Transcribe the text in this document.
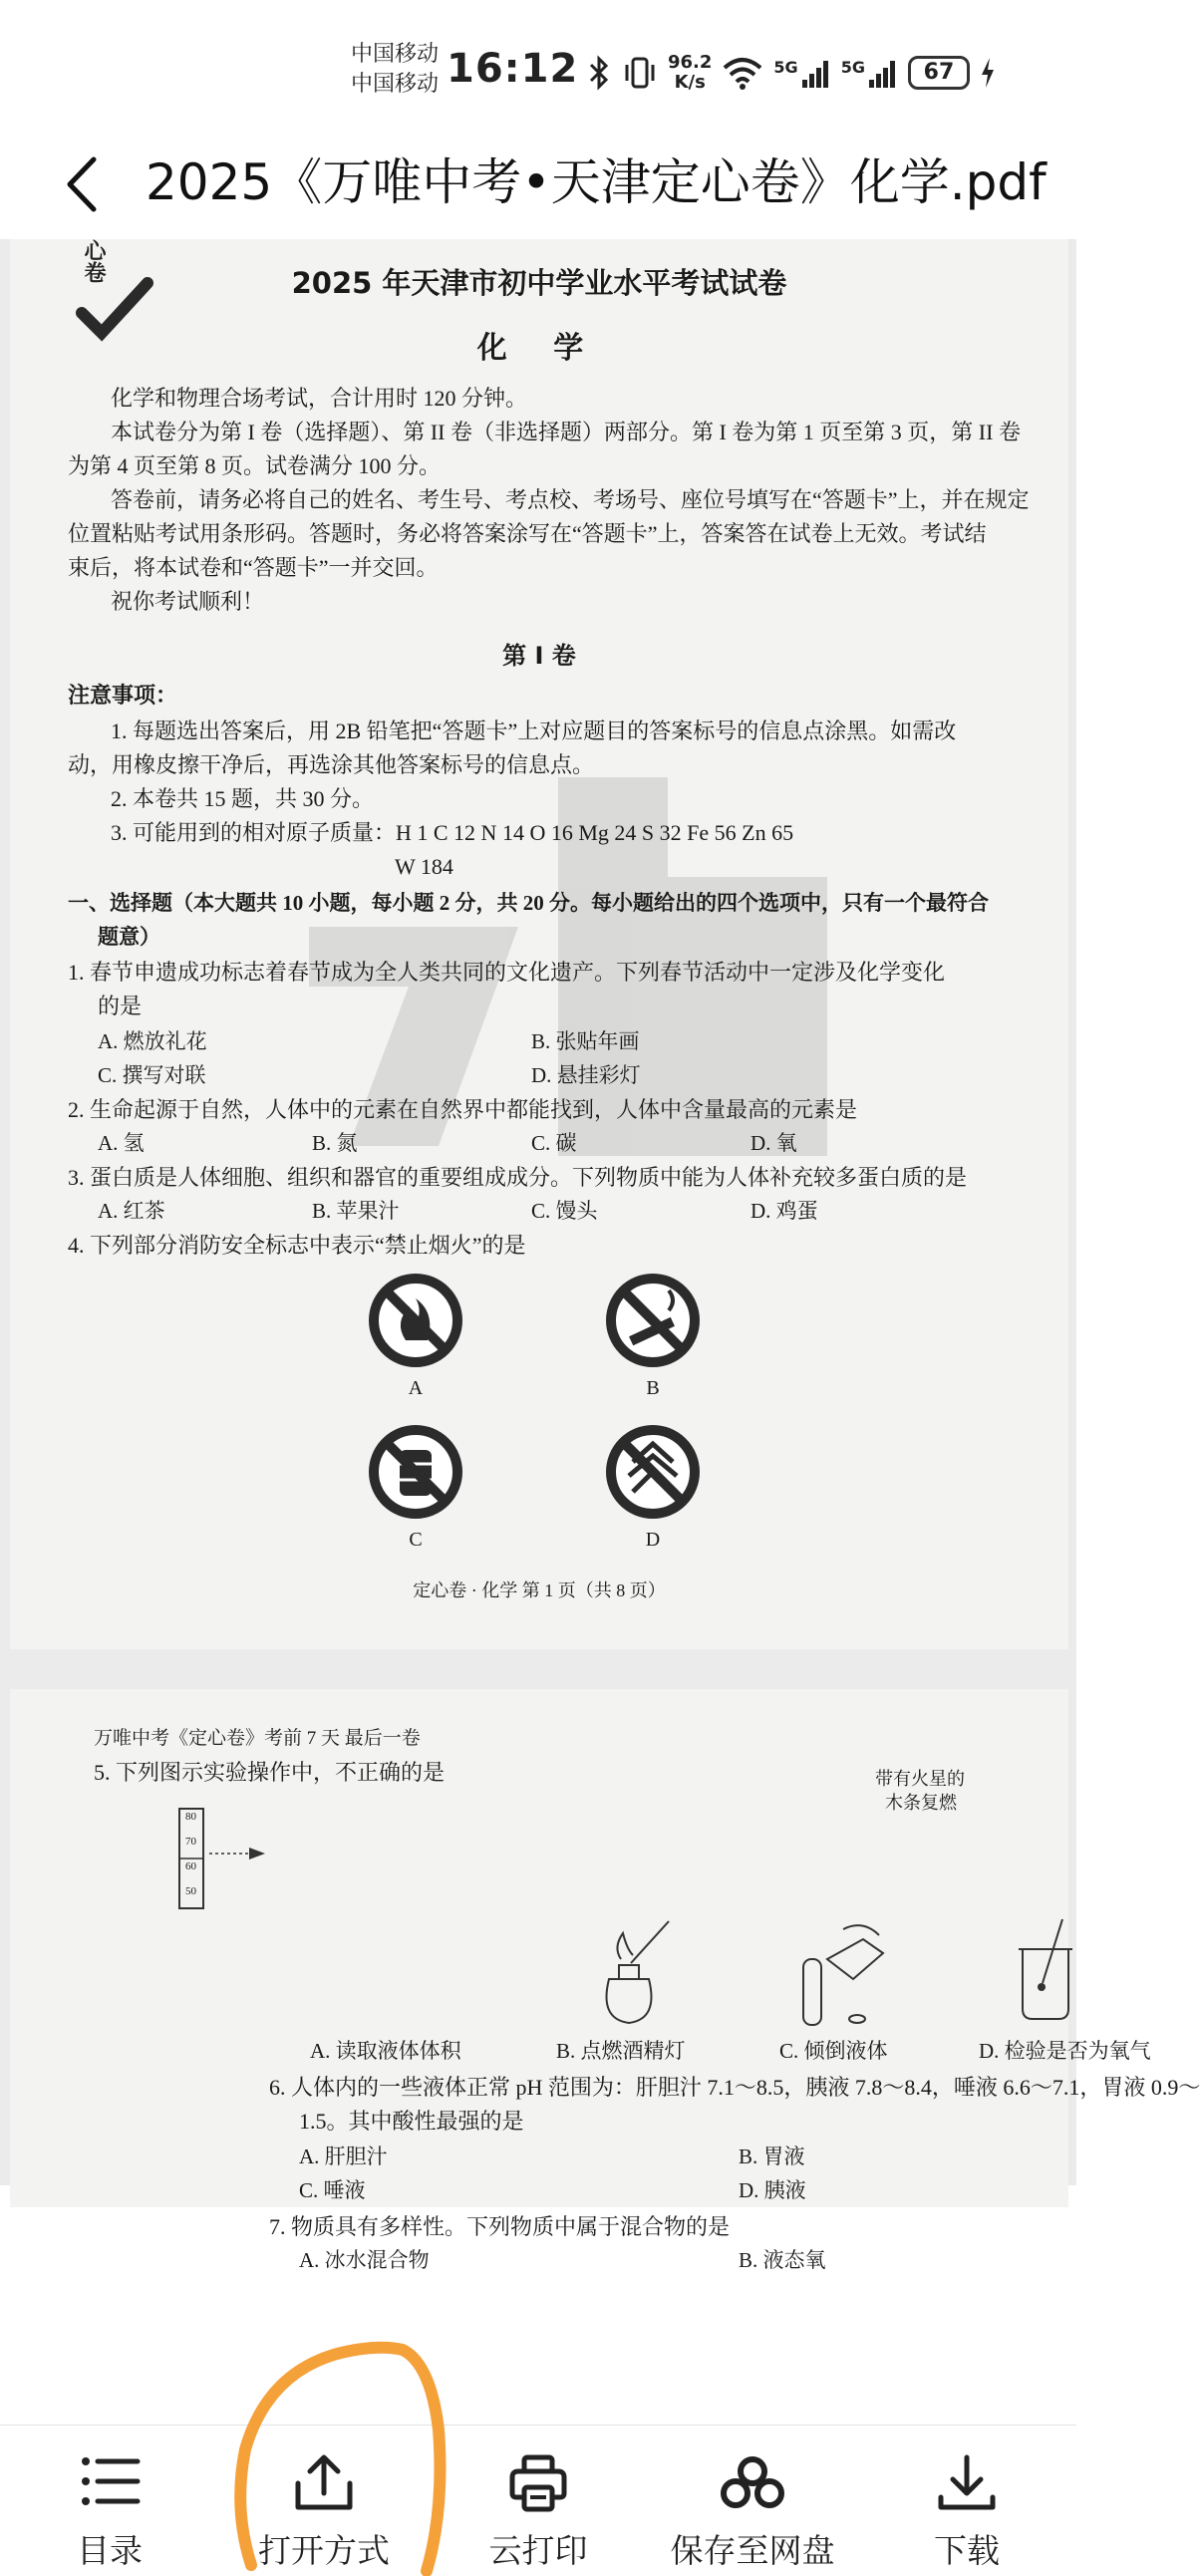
中国移动
中国移动 16:12	96.2
K/s
5G	5G	67
2025《万唯中考•天津定心卷》化学.pdf
心卷	2025 年天津市初中学业水平考试试卷
化 学
化学和物理合场考试，合计用时 120 分钟。
本试卷分为第 I 卷（选择题）、第 II 卷（非选择题）两部分。第 I 卷为第 1 页至第 3 页，第 II 卷
为第 4 页至第 8 页。试卷满分 100 分。
答卷前，请务必将自己的姓名、考生号、考点校、考场号、座位号填写在“答题卡”上，并在规定
位置粘贴考试用条形码。答题时，务必将答案涂写在“答题卡”上，答案答在试卷上无效。考试结
束后，将本试卷和“答题卡”一并交回。
祝你考试顺利！
第 I 卷
注意事项：
1. 每题选出答案后，用 2B 铅笔把“答题卡”上对应题目的答案标号的信息点涂黑。如需改
动，用橡皮擦干净后，再选涂其他答案标号的信息点。
2. 本卷共 15 题，共 30 分。
3. 可能用到的相对原子质量：H 1 C 12 N 14 O 16 Mg 24 S 32 Fe 56 Zn 65
W 184
一、选择题（本大题共 10 小题，每小题 2 分，共 20 分。每小题给出的四个选项中，只有一个最符合
题意）
1. 春节申遗成功标志着春节成为全人类共同的文化遗产。下列春节活动中一定涉及化学变化
的是
A. 燃放礼花	B. 张贴年画
C. 撰写对联	D. 悬挂彩灯
2. 生命起源于自然，人体中的元素在自然界中都能找到，人体中含量最高的元素是
A. 氢	B. 氮	C. 碳	D. 氧
3. 蛋白质是人体细胞、组织和器官的重要组成成分。下列物质中能为人体补充较多蛋白质的是
A. 红茶	B. 苹果汁	C. 馒头	D. 鸡蛋
4. 下列部分消防安全标志中表示“禁止烟火”的是
A	B
C	D
定心卷 · 化学 第 1 页（共 8 页）
万唯中考《定心卷》考前 7 天 最后一卷
5. 下列图示实验操作中，不正确的是	带有火星的
木条复燃
80
70
60
50
A. 读取液体体积	B. 点燃酒精灯	C. 倾倒液体	D. 检验是否为氧气
6. 人体内的一些液体正常 pH 范围为：肝胆汁 7.1～8.5，胰液 7.8～8.4，唾液 6.6～7.1，胃液 0.9～
1.5。其中酸性最强的是
A. 肝胆汁	B. 胃液
C. 唾液	D. 胰液
7. 物质具有多样性。下列物质中属于混合物的是
A. 冰水混合物	B. 液态氧
目录	打开方式	云打印	保存至网盘	下载
